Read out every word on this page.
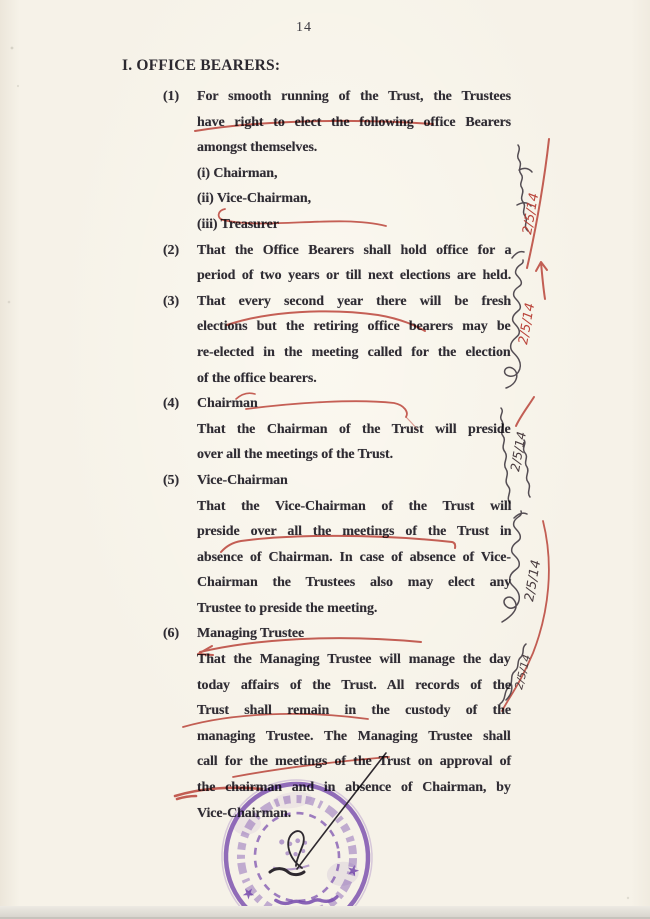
14
I. OFFICE BEARERS:
(1) For smooth running of the Trust, the Trustees
have right to elect the following office Bearers
amongst themselves.
(i) Chairman,
(ii) Vice-Chairman,
(iii) Treasurer
(2) That the Office Bearers shall hold office for a
period of two years or till next elections are held.
(3) That every second year there will be fresh
elections but the retiring office bearers may be
re-elected in the meeting called for the election
of the office bearers.
(4) Chairman
That the Chairman of the Trust will preside
over all the meetings of the Trust.
(5) Vice-Chairman
That the Vice-Chairman of the Trust will
preside over all the meetings of the Trust in
absence of Chairman. In case of absence of Vice-
Chairman the Trustees also may elect any
Trustee to preside the meeting.
(6) Managing Trustee
That the Managing Trustee will manage the day
today affairs of the Trust. All records of the
Trust shall remain in the custody of the
managing Trustee. The Managing Trustee shall
call for the meetings of the Trust on approval of
the chairman and in absence of Chairman, by
Vice-Chairman.
2/5/14
2/5/14
2/5/14
2/5/14
2/5/14
★
★
